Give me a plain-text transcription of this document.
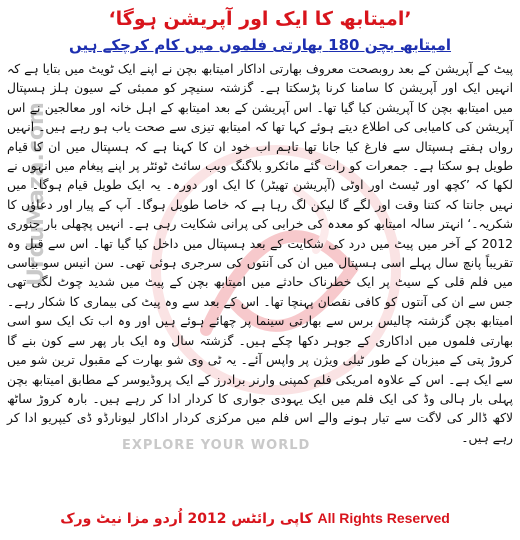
’امیتابھ کا ایک اور آپریشن ہوگا‘
امیتابھ بچن 180 بھارتی فلموں میں کام کرچکے ہیں
UrduMaza.com
EXPLORE YOUR WORLD

پیٹ کے آپریشن کے بعد روبصحت معروف بھارتی اداکار امیتابھ بچن نے اپنے ایک ٹویٹ میں بتایا ہے کہ انہیں ایک اور آپریشن کا سامنا کرنا پڑسکتا ہے۔ گزشتہ سنیچر کو ممبئی کے سیون ہلز ہسپتال میں امیتابھ بچن کا آپریشن کیا گیا تھا۔ اس آپریشن کے بعد امیتابھ کے اہل خانہ اور معالجین نے اس آپریشن کی کامیابی کی اطلاع دیتے ہوئے کہا تھا کہ امیتابھ تیزی سے صحت یاب ہو رہے ہیں۔ انہیں رواں ہفتے ہسپتال سے فارغ کیا جانا تھا تاہم اب خود ان کا کہنا ہے کہ ہسپتال میں ان کا قیام طویل ہو سکتا ہے۔ جمعرات کو رات گئے مائکرو بلاگنگ ویب سائٹ ٹوئٹر پر اپنے پیغام میں انہوں نے لکھا کہ ’کچھ اور ٹیسٹ اور اوٹی (آپریشن تھیٹر) کا ایک اور دورہ۔ یہ ایک طویل قیام ہوگا۔ میں نہیں جانتا کہ کتنا وقت اور لگے گا لیکن لگ رہا ہے کہ خاصا طویل ہوگا۔ آپ کے پیار اور دعاؤں کا شکریہ۔‘ انہتر سالہ امیتابھ کو معدہ کی خرابی کی پرانی شکایت رہی ہے۔ انہیں پچھلی بار جنوری 2012 کے آخر میں پیٹ میں درد کی شکایت کے بعد ہسپتال میں داخل کیا گیا تھا۔ اس سے قبل وہ تقریباً پانچ سال پہلے اسی ہسپتال میں ان کی آنتوں کی سرجری ہوئی تھی۔ سن انیس سو بیاسی میں فلم قلی کے سیٹ پر ایک خطرناک حادثے میں امیتابھ بچن کے پیٹ میں شدید چوٹ لگی تھی جس سے ان کی آنتوں کو کافی نقصان پہنچا تھا۔ اس کے بعد سے وہ پیٹ کی بیماری کا شکار رہے۔ امیتابھ بچن گزشتہ چالیس برس سے بھارتی سینما پر چھائے ہوئے ہیں اور وہ اب تک ایک سو اسی بھارتی فلموں میں اداکاری کے جوہر دکھا چکے ہیں۔ گزشتہ سال وہ ایک بار پھر سے کون بنے گا کروڑ پتی کے میزبان کے طور ٹیلی ویژن پر واپس آئے۔ یہ ٹی وی شو بھارت کے مقبول ترین شو میں سے ایک ہے۔ اس کے علاوہ امریکی فلم کمپنی وارنر برادرز کے ایک پروڈیوسر کے مطابق امیتابھ بچن پہلی بار ہالی وڈ کی ایک فلم میں ایک یہودی جواری کا کردار ادا کر رہے ہیں۔ بارہ کروڑ ساٹھ لاکھ ڈالر کی لاگت سے تیار ہونے والے اس فلم میں مرکزی کردار اداکار لیونارڈو ڈی کیپریو ادا کر رہے ہیں۔

کاپی رائٹس 2012 اُردو مزا نیٹ ورک All Rights Reserved
